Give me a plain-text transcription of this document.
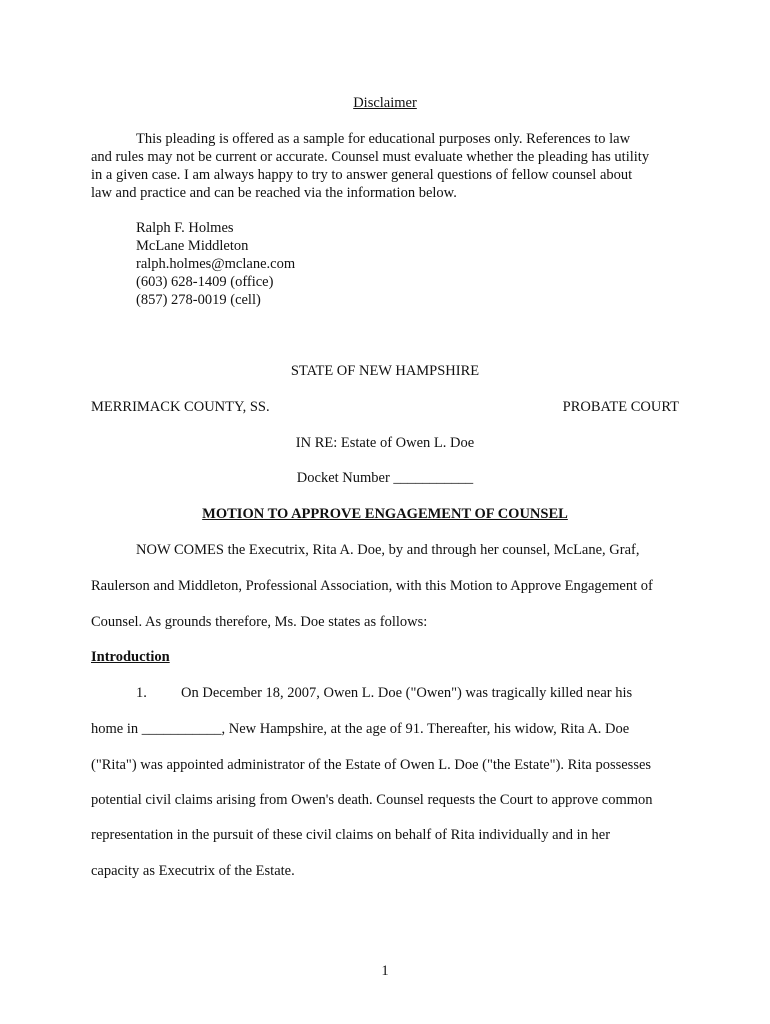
Disclaimer
This pleading is offered as a sample for educational purposes only. References to law
and rules may not be current or accurate. Counsel must evaluate whether the pleading has utility
in a given case. I am always happy to try to answer general questions of fellow counsel about
law and practice and can be reached via the information below.
Ralph F. Holmes
McLane Middleton
ralph.holmes@mclane.com
(603) 628-1409 (office)
(857) 278-0019 (cell)
STATE OF NEW HAMPSHIRE
MERRIMACK COUNTY, SS.	PROBATE COURT
IN RE: Estate of Owen L. Doe
Docket Number ___________
MOTION TO APPROVE ENGAGEMENT OF COUNSEL
NOW COMES the Executrix, Rita A. Doe, by and through her counsel, McLane, Graf,
Raulerson and Middleton, Professional Association, with this Motion to Approve Engagement of
Counsel. As grounds therefore, Ms. Doe states as follows:
Introduction
1. On December 18, 2007, Owen L. Doe ("Owen") was tragically killed near his
home in ___________, New Hampshire, at the age of 91. Thereafter, his widow, Rita A. Doe
("Rita") was appointed administrator of the Estate of Owen L. Doe ("the Estate"). Rita possesses
potential civil claims arising from Owen's death. Counsel requests the Court to approve common
representation in the pursuit of these civil claims on behalf of Rita individually and in her
capacity as Executrix of the Estate.
1
